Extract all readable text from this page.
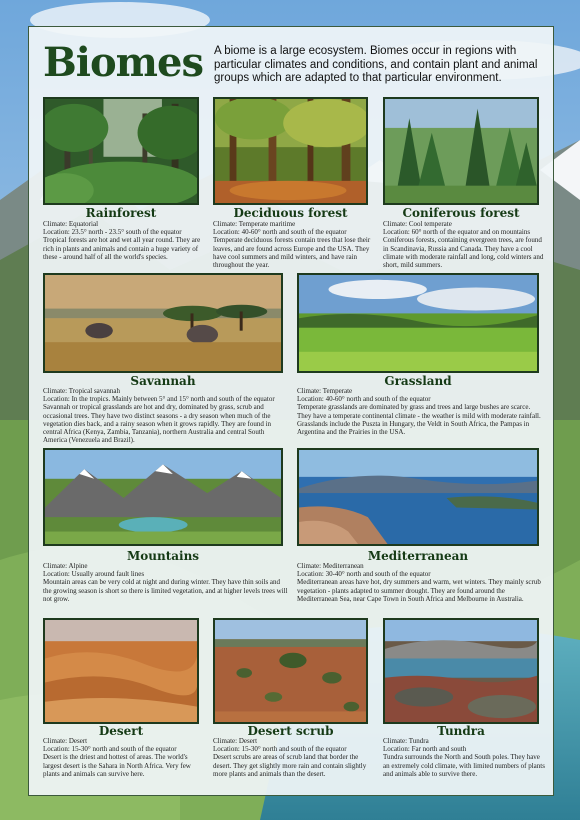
Biomes A biome is a large ecosystem. Biomes occur in regions with particular climates and conditions, and contain plant and animal groups which are adapted to that particular environment.
Rainforest

Climate: Equatorial

Location: 23.5° north - 23.5° south of the equator

Tropical forests are hot and wet all year round. They are rich in plants and animals and contain a huge variety of these - around half of all the world's species.

Deciduous forest

Climate: Temperate maritime

Location: 40-60° north and south of the equator

Temperate deciduous forests contain trees that lose their leaves, and are found across Europe and the USA. They have cool summers and mild winters, and have rain throughout the year.

Coniferous forest

Climate: Cool temperate

Location: 60° north of the equator and on mountains

Coniferous forests, containing evergreen trees, are found in Scandinavia, Russia and Canada. They have a cool climate with moderate rainfall and long, cold winters and short, mild summers.

Savannah

Climate: Tropical savannah

Location: In the tropics. Mainly between 5° and 15° north and south of the equator

Savannah or tropical grasslands are hot and dry, dominated by grass, scrub and occasional trees. They have two distinct seasons - a dry season when much of the vegetation dies back, and a rainy season when it grows rapidly. They are found in central Africa (Kenya, Zambia, Tanzania), northern Australia and central South America (Venezuela and Brazil).

Grassland

Climate: Temperate

Location: 40-60° north and south of the equator

Temperate grasslands are dominated by grass and trees and large bushes are scarce. They have a temperate continental climate - the weather is mild with moderate rainfall. Grasslands include the Puszta in Hungary, the Veldt in South Africa, the Pampas in Argentina and the Prairies in the USA.

Mountains

Climate: Alpine

Location: Usually around fault lines

Mountain areas can be very cold at night and during winter. They have thin soils and the growing season is short so there is limited vegetation, and at higher levels trees will not grow.

Mediterranean

Climate: Mediterranean

Location: 30-40° north and south of the equator

Mediterranean areas have hot, dry summers and warm, wet winters. They mainly scrub vegetation - plants adapted to summer drought. They are found around the Mediterranean Sea, near Cape Town in South Africa and Melbourne in Australia.

Desert

Climate: Desert

Location: 15-30° north and south of the equator

Desert is the driest and hottest of areas. The world's largest desert is the Sahara in North Africa. Very few plants and animals can survive here.

Desert scrub

Climate: Desert

Location: 15-30° north and south of the equator

Desert scrubs are areas of scrub land that border the desert. They get slightly more rain and contain slightly more plants and animals than the desert.

Tundra

Climate: Tundra

Location: Far north and south

Tundra surrounds the North and South poles. They have an extremely cold climate, with limited numbers of plants and animals able to survive there.
